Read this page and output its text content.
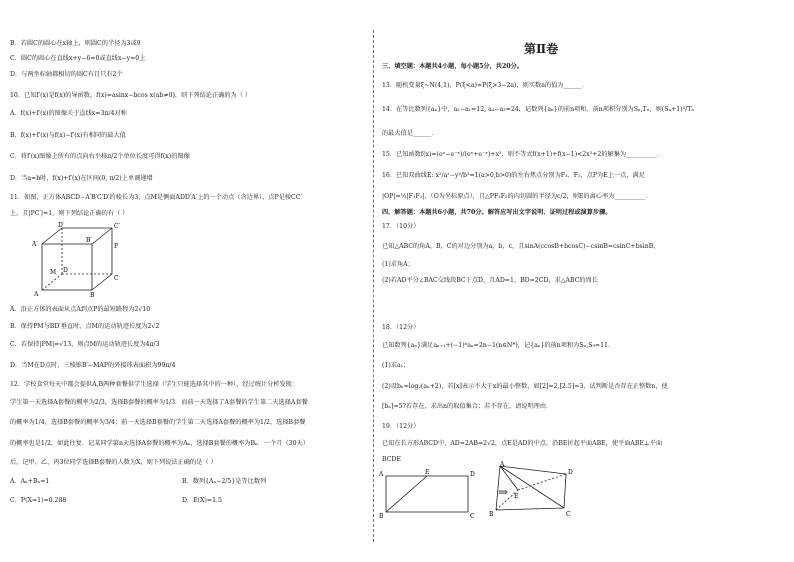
B．若圆C的圆心在x轴上，则圆C的半径为3或9
C．圆C的圆心在直线x+y−6=0或直线x−y=0上
D．与两坐标轴都相切的圆C有且只有2个
10．已知f′(x)是f(x)的导函数，f(x)=asinx−bcos x(ab≠0)，则下列结论正确的为（ ）
A．f(x)+f′(x)的图像关于直线x=3π/4对称
B．f(x)+f′(x)与f(x)−f′(x)有相同的最大值
C．将f′(x)图像上所有的点向右平移π/2个单位长度可得f(x)的图像
D．当a=b时，f(x)+f′(x)在区间(0, π/2)上单调递增
11．如图，正方体ABCD−A′B′C′D′的棱长为3，点M是侧面ADD′A′上的一个动点（含边界），点P是棱CC′
上，且|PC′|=1，则下列结论正确的有（ ）
D′	C′
A′
B′
P
D
M
C
A	B
A．沿正方体的表面从点A到点P的最短路程为2√10
B．保持PM与BD′垂直时，点M的运动轨迹长度为2√2
C．若保持|PM|=√13，则点M的运动轨迹长度为4π/3
D．当M在D点时，三棱锥B′−MAP的外接球表面积为99π/4
12．学校食堂每天中都会提供A,B两种套餐供学生选择（学生只能选择其中的一种），经过统计分析发现：
学生第一天选择A套餐的概率为2/3，选择B套餐的概率为1/3．而前一天选择了A套餐的学生第二天选择A套餐
的概率为1/4，选择B套餐的概率为3/4；前一天选择B套餐的学生第二天选择A套餐的概率为1/2，选择B套餐
的概率也是1/2，如此往复．记某同学第n天选择A套餐的概率为Aₙ，选择B套餐的概率为Bₙ．一个月（30天）
后，记甲、乙、丙3位同学选择B套餐的人数为X，则下列说法正确的是（ ）
A．Aₙ+Bₙ=1	B．数列{Aₙ−2/5}是等比数列
C．P(X=1)=0.288	D．E(X)=1.5
第Ⅱ卷
三、填空题：本题共4小题，每小题5分，共20分。
13．随机变量ξ~N(4,1)，P(ξ<a)=P(ξ>3−2a)，则实数a的值为______．
14．在等比数列{aₙ}中，a₂−a₁=12, a₄−a₃=24，记数列{aₙ}的前n项和、前n项积分别为Sₙ,Tₙ，则(Sₙ+1)³/Tₙ
的最大值是______．
15．已知函数f(x)=(eˣ−e⁻ˣ)/(eˣ+e⁻ˣ)+x³，则不等式f(x+1)+f(x−1)<2x²+2的解集为__________．
16．已知双曲线E: x²/a²−y²/b²=1(a>0,b>0)的左右焦点分别为F₁、F₂，点P为E上一点，满足
|OP|=½|F₁F₂|，（O为坐标原点），且△PF₁F₂的内切圆的半径为c/2，则E的离心率为__________．
四、解答题：本题共6小题，共70分。解答应写出文字说明、证明过程或演算步骤。
17．（10分）
已知△ABC的角A，B，C的对边分别为a，b，c，且sinA(ccosB+bcosC)−csinB=csinC+bsinB，
(1)求角A；
(2)若AD平分∠BAC交线段BC于点D，且AD=1，BD=2CD，求△ABC的周长
18．（12分）
已知数列{aₙ}满足aₙ₊₁+(−1)ⁿaₙ=2n−1(n∈N*)，记{aₙ}的前n项和为Sₙ,S₉=11．
(1)求a₁；
(2)设bₙ=log₂(aₙ+2)，若[x]表示不大于x的最小整数，如[2]=2,[2.5]=3，试判断是否存在正整数n，使
[bₙ]=5?若存在，求出n的取值集合；若不存在，请说明理由．
19．（12分）
已知在长方形ABCD中，AD=2AB=2√2，点E是AD的中点，沿BE折起平面ABE，使平面ABE⊥平面
BCDE
A	E	D
B	C
⇒
A
E
D
B	C
